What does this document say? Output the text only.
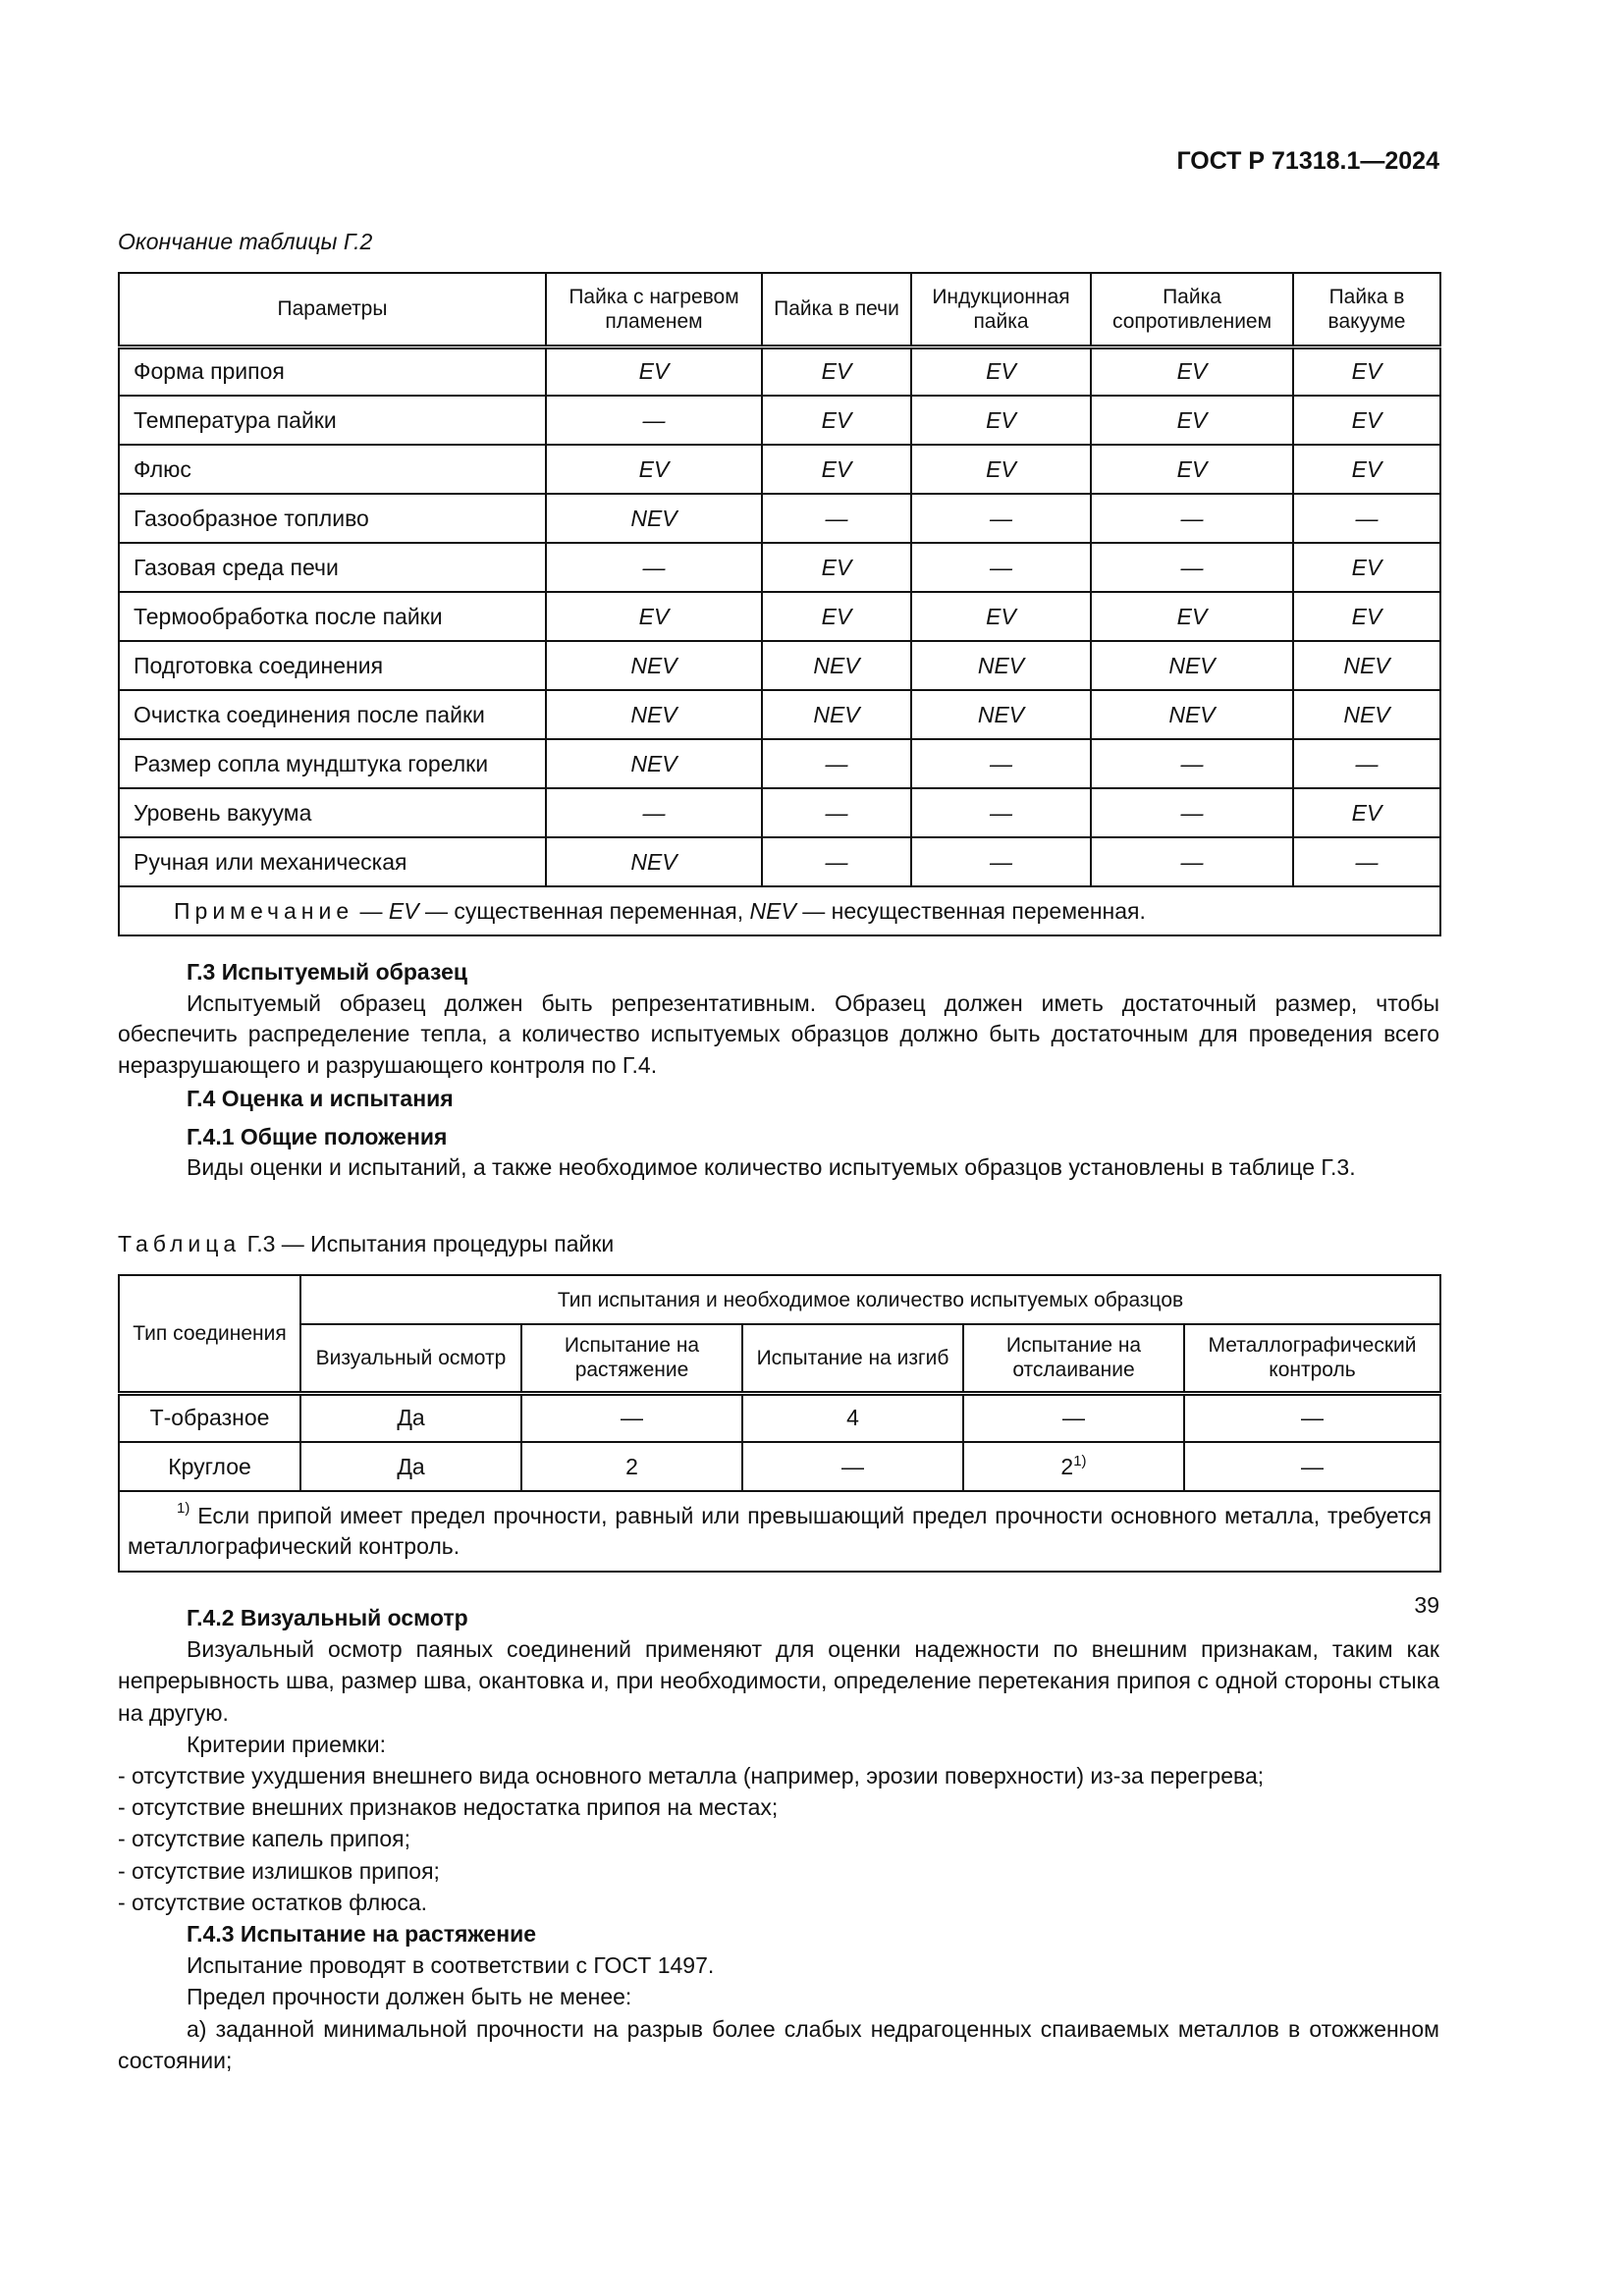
ГОСТ Р 71318.1—2024
Окончание таблицы Г.2
Параметры	Пайка с нагревом пламенем	Пайка в печи	Индукционная пайка	Пайка сопротивлением	Пайка в вакууме
Форма припоя	EV	EV	EV	EV	EV
Температура пайки	—	EV	EV	EV	EV
Флюс	EV	EV	EV	EV	EV
Газообразное топливо	NEV	—	—	—	—
Газовая среда печи	—	EV	—	—	EV
Термообработка после пайки	EV	EV	EV	EV	EV
Подготовка соединения	NEV	NEV	NEV	NEV	NEV
Очистка соединения после пайки	NEV	NEV	NEV	NEV	NEV
Размер сопла мундштука горелки	NEV	—	—	—	—
Уровень вакуума	—	—	—	—	EV
Ручная или механическая	NEV	—	—	—	—
Примечание — EV — существенная переменная, NEV — несущественная переменная.					
Г.3 Испытуемый образец
Испытуемый образец должен быть репрезентативным. Образец должен иметь достаточный размер, чтобы обеспечить распределение тепла, а количество испытуемых образцов должно быть достаточным для проведения всего неразрушающего и разрушающего контроля по Г.4.
Г.4 Оценка и испытания
Г.4.1 Общие положения
Виды оценки и испытаний, а также необходимое количество испытуемых образцов установлены в таблице Г.3.
Таблица Г.3 — Испытания процедуры пайки
Тип соединения	Тип испытания и необходимое количество испытуемых образцов				
	Визуальный осмотр	Испытание на растяжение	Испытание на изгиб	Испытание на отслаивание	Металлографический контроль
Т-образное	Да	—	4	—	—
Круглое	Да	2	—	2$^{1)}$	—
$^{1)}$ Если припой имеет предел прочности, равный или превышающий предел прочности основного металла, требуется металлографический контроль.					
Г.4.2 Визуальный осмотр
Визуальный осмотр паяных соединений применяют для оценки надежности по внешним признакам, таким как непрерывность шва, размер шва, окантовка и, при необходимости, определение перетекания припоя с одной стороны стыка на другую.
Критерии приемки:
- отсутствие ухудшения внешнего вида основного металла (например, эрозии поверхности) из-за перегрева;
- отсутствие внешних признаков недостатка припоя на местах;
- отсутствие капель припоя;
- отсутствие излишков припоя;
- отсутствие остатков флюса.
Г.4.3 Испытание на растяжение
Испытание проводят в соответствии с ГОСТ 1497.
Предел прочности должен быть не менее:
а) заданной минимальной прочности на разрыв более слабых недрагоценных спаиваемых металлов в отожженном состоянии;
39
